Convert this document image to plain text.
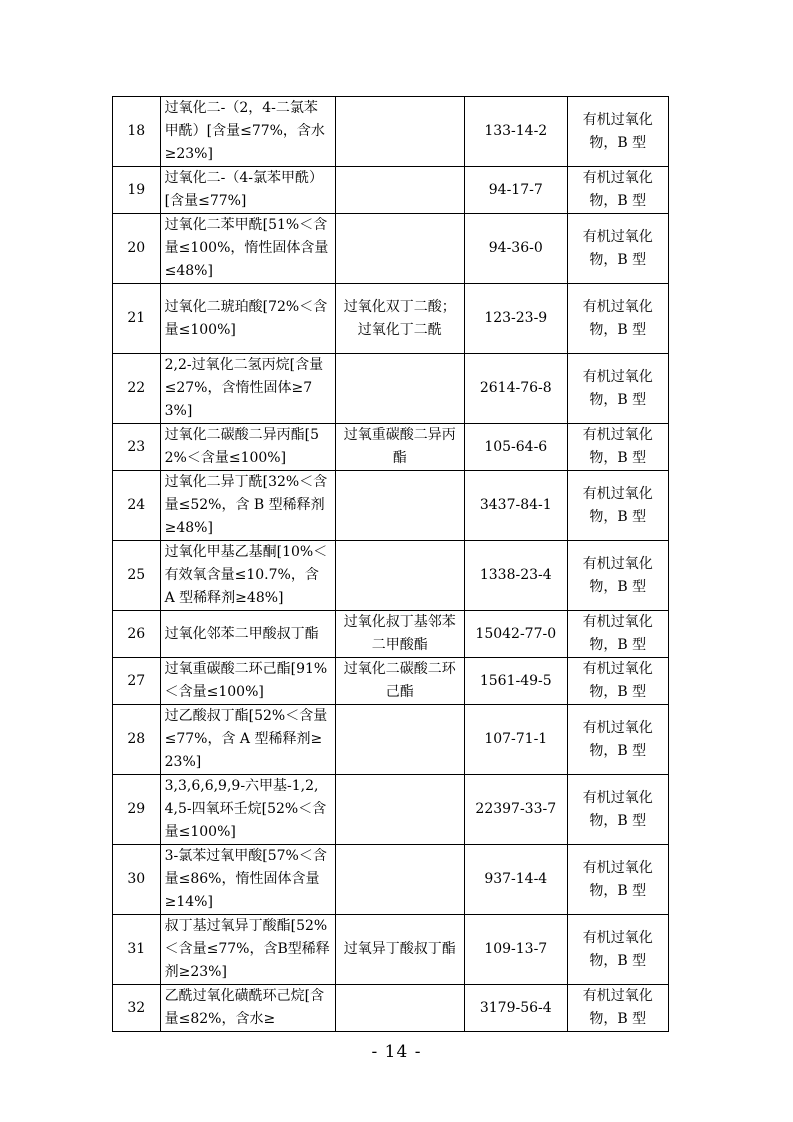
18	过氧化二-（2，4-二氯苯甲酰）[含量≤77%，含水≥23%]		133-14-2	有机过氧化物，B 型
19	过氧化二-（4-氯苯甲酰）[含量≤77%]		94-17-7	有机过氧化物，B 型
20	过氧化二苯甲酰[51%＜含量≤100%，惰性固体含量≤48%]		94-36-0	有机过氧化物，B 型
21	过氧化二琥珀酸[72%＜含量≤100%]	过氧化双丁二酸；过氧化丁二酰	123-23-9	有机过氧化物，B 型
22	2,2-过氧化二氢丙烷[含量≤27%，含惰性固体≥73%]		2614-76-8	有机过氧化物，B 型
23	过氧化二碳酸二异丙酯[52%＜含量≤100%]	过氧重碳酸二异丙酯	105-64-6	有机过氧化物，B 型
24	过氧化二异丁酰[32%＜含量≤52%，含 B 型稀释剂≥48%]		3437-84-1	有机过氧化物，B 型
25	过氧化甲基乙基酮[10%＜有效氧含量≤10.7%，含 A 型稀释剂≥48%]		1338-23-4	有机过氧化物，B 型
26	过氧化邻苯二甲酸叔丁酯	过氧化叔丁基邻苯二甲酸酯	15042-77-0	有机过氧化物，B 型
27	过氧重碳酸二环己酯[91%＜含量≤100%]	过氧化二碳酸二环己酯	1561-49-5	有机过氧化物，B 型
28	过乙酸叔丁酯[52%＜含量≤77%，含 A 型稀释剂≥23%]		107-71-1	有机过氧化物，B 型
29	3,3,6,6,9,9-六甲基-1,2,4,5-四氧环壬烷[52%＜含量≤100%]		22397-33-7	有机过氧化物，B 型
30	3-氯苯过氧甲酸[57%＜含量≤86%，惰性固体含量≥14%]		937-14-4	有机过氧化物，B 型
31	叔丁基过氧异丁酸酯[52%＜含量≤77%，含B型稀释剂≥23%]	过氧异丁酸叔丁酯	109-13-7	有机过氧化物，B 型
32	乙酰过氧化磺酰环己烷[含量≤82%，含水≥		3179-56-4	有机过氧化物，B 型
- 14 -
